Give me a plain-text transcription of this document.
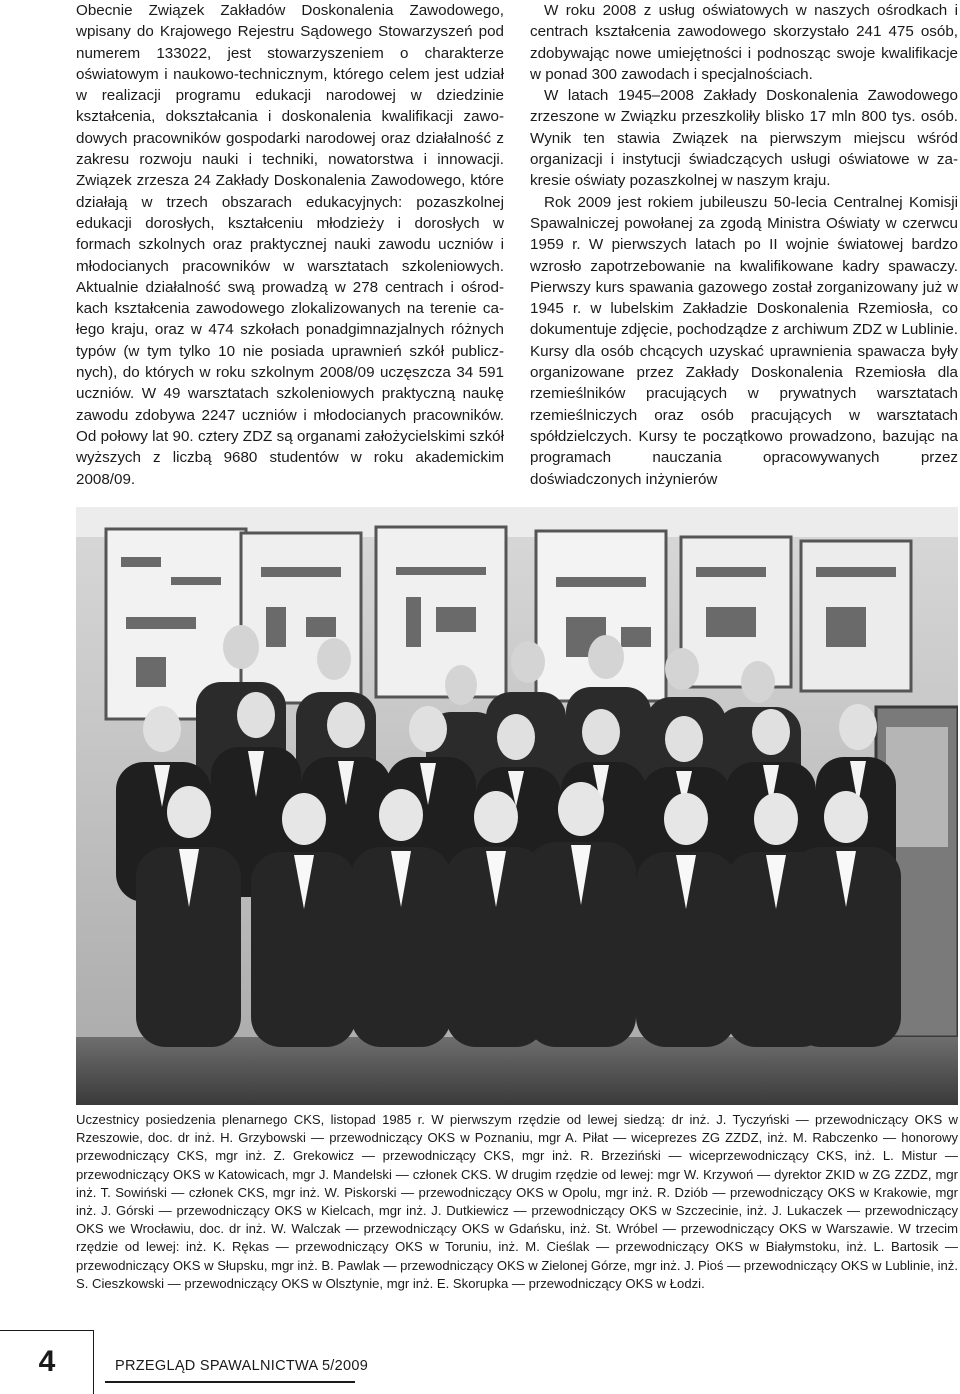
Obecnie Związek Zakładów Doskonalenia Zawodowego, wpisany do Krajowego Rejestru Sądowego Stowarzyszeń pod numerem 133022, jest stowarzyszeniem o charakterze oświatowym i naukowo-technicznym, którego celem jest udział w realizacji programu edukacji narodowej w dziedzinie kształcenia, dokształcania i doskonalenia kwalifikacji zawodowych pracowników gospodarki narodowej oraz działalność z zakresu rozwoju nauki i techniki, nowatorstwa i innowacji. Związek zrzesza 24 Zakłady Doskonalenia Zawodowego, które działają w trzech obszarach edukacyjnych: pozaszkolnej edukacji dorosłych, kształceniu młodzieży i dorosłych w formach szkolnych oraz praktycznej nauki zawodu uczniów i młodocianych pracowników w warsztatach szkoleniowych. Aktualnie działalność swą prowadzą w 278 centrach i ośrodkach kształcenia zawodowego zlokalizowanych na terenie całego kraju, oraz w 474 szkołach ponadgimnazjalnych różnych typów (w tym tylko 10 nie posiada uprawnień szkół publicznych), do których w roku szkolnym 2008/09 uczęszcza 34 591 uczniów. W 49 warsztatach szkoleniowych praktyczną naukę zawodu zdobywa 2247 uczniów i młodocianych pracowników. Od połowy lat 90. cztery ZDZ są organami założycielskimi szkół wyższych z liczbą 9680 studentów w roku akademickim 2008/09.

W roku 2008 z usług oświatowych w naszych ośrodkach i centrach kształcenia zawodowego skorzystało 241 475 osób, zdobywając nowe umiejętności i podnosząc swoje kwalifikacje w ponad 300 zawodach i specjalnościach.

W latach 1945–2008 Zakłady Doskonalenia Zawodowego zrzeszone w Związku przeszkoliły blisko 17 mln 800 tys. osób. Wynik ten stawia Związek na pierwszym miejscu wśród organizacji i instytucji świadczących usługi oświatowe w zakresie oświaty pozaszkolnej w naszym kraju.

Rok 2009 jest rokiem jubileuszu 50-lecia Centralnej Komisji Spawalniczej powołanej za zgodą Ministra Oświaty w czerwcu 1959 r. W pierwszych latach po II wojnie światowej bardzo wzrosło zapotrzebowanie na kwalifikowane kadry spawaczy. Pierwszy kurs spawania gazowego został zorganizowany już w 1945 r. w lubelskim Zakładzie Doskonalenia Rzemiosła, co dokumentuje zdjęcie, pochodządze z archiwum ZDZ w Lublinie. Kursy dla osób chcących uzyskać uprawnienia spawacza były organizowane przez Zakłady Doskonalenia Rzemiosła dla rzemieślników pracujących w prywatnych warsztatach rzemieślniczych oraz osób pracujących w warsztatach spółdzielczych. Kursy te początkowo prowadzono, bazując na programach nauczania opracowywanych przez doświadczonych inżynierów

Uczestnicy posiedzenia plenarnego CKS, listopad 1985 r. W pierwszym rzędzie od lewej siedzą: dr inż. J. Tyczyński — przewodniczący OKS w Rzeszowie, doc. dr inż. H. Grzybowski — przewodniczący OKS w Poznaniu, mgr A. Piłat — wiceprezes ZG ZZDZ, inż. M. Rabczenko — honorowy przewodniczący CKS, mgr inż. Z. Grekowicz — przewodniczący CKS, mgr inż. R. Brzeziński — wiceprzewodniczący CKS, inż. L. Mistur — przewodniczący OKS w Katowicach, mgr J. Mandelski — członek CKS. W drugim rzędzie od lewej: mgr W. Krzywoń — dyrektor ZKID w ZG ZZDZ, mgr inż. T. Sowiński — członek CKS, mgr inż. W. Piskorski — przewodniczący OKS w Opolu, mgr inż. R. Dziób — przewodniczący OKS w Krakowie, mgr inż. J. Górski — przewodniczący OKS w Kielcach, mgr inż. J. Dutkiewicz — przewodniczący OKS w Szczecinie, inż. J. Lukaczek — przewodniczący OKS we Wrocławiu, doc. dr inż. W. Walczak — przewodniczący OKS w Gdańsku, inż. St. Wróbel — przewodniczący OKS w Warszawie. W trzecim rzędzie od lewej: inż. K. Rękas — przewodniczący OKS w Toruniu, inż. M. Cieślak — przewodniczący OKS w Białymstoku, inż. L. Bartosik — przewodniczący OKS w Słupsku, mgr inż. B. Pawlak — przewodniczący OKS w Zielonej Górze, mgr inż. J. Pioś — przewodniczący OKS w Lublinie, inż. S. Cieszkowski — przewodniczący OKS w Olsztynie, mgr inż. E. Skorupka — przewodniczący OKS w Łodzi.
4	PRZEGLĄD SPAWALNICTWA 5/2009
